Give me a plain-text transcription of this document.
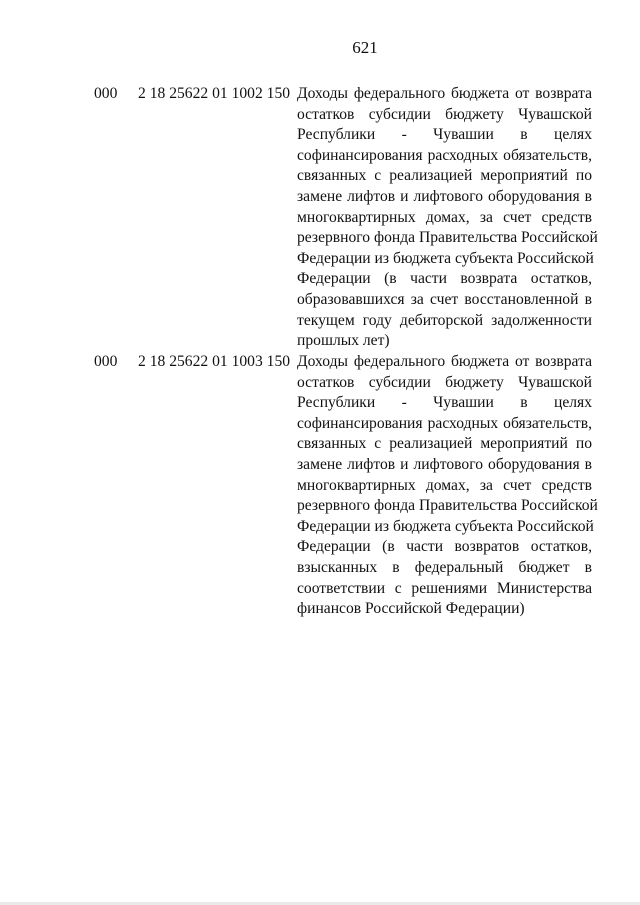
621
000 2 18 25622 01 1002 150 Доходы федерального бюджета от возврата
остатков субсидии бюджету Чувашской
Республики - Чувашии в целях
софинансирования расходных обязательств,
связанных с реализацией мероприятий по
замене лифтов и лифтового оборудования в
многоквартирных домах, за счет средств
резервного фонда Правительства Российской
Федерации из бюджета субъекта Российской
Федерации (в части возврата остатков,
образовавшихся за счет восстановленной в
текущем году дебиторской задолженности
прошлых лет)
000 2 18 25622 01 1003 150 Доходы федерального бюджета от возврата
остатков субсидии бюджету Чувашской
Республики - Чувашии в целях
софинансирования расходных обязательств,
связанных с реализацией мероприятий по
замене лифтов и лифтового оборудования в
многоквартирных домах, за счет средств
резервного фонда Правительства Российской
Федерации из бюджета субъекта Российской
Федерации (в части возвратов остатков,
взысканных в федеральный бюджет в
соответствии с решениями Министерства
финансов Российской Федерации)
